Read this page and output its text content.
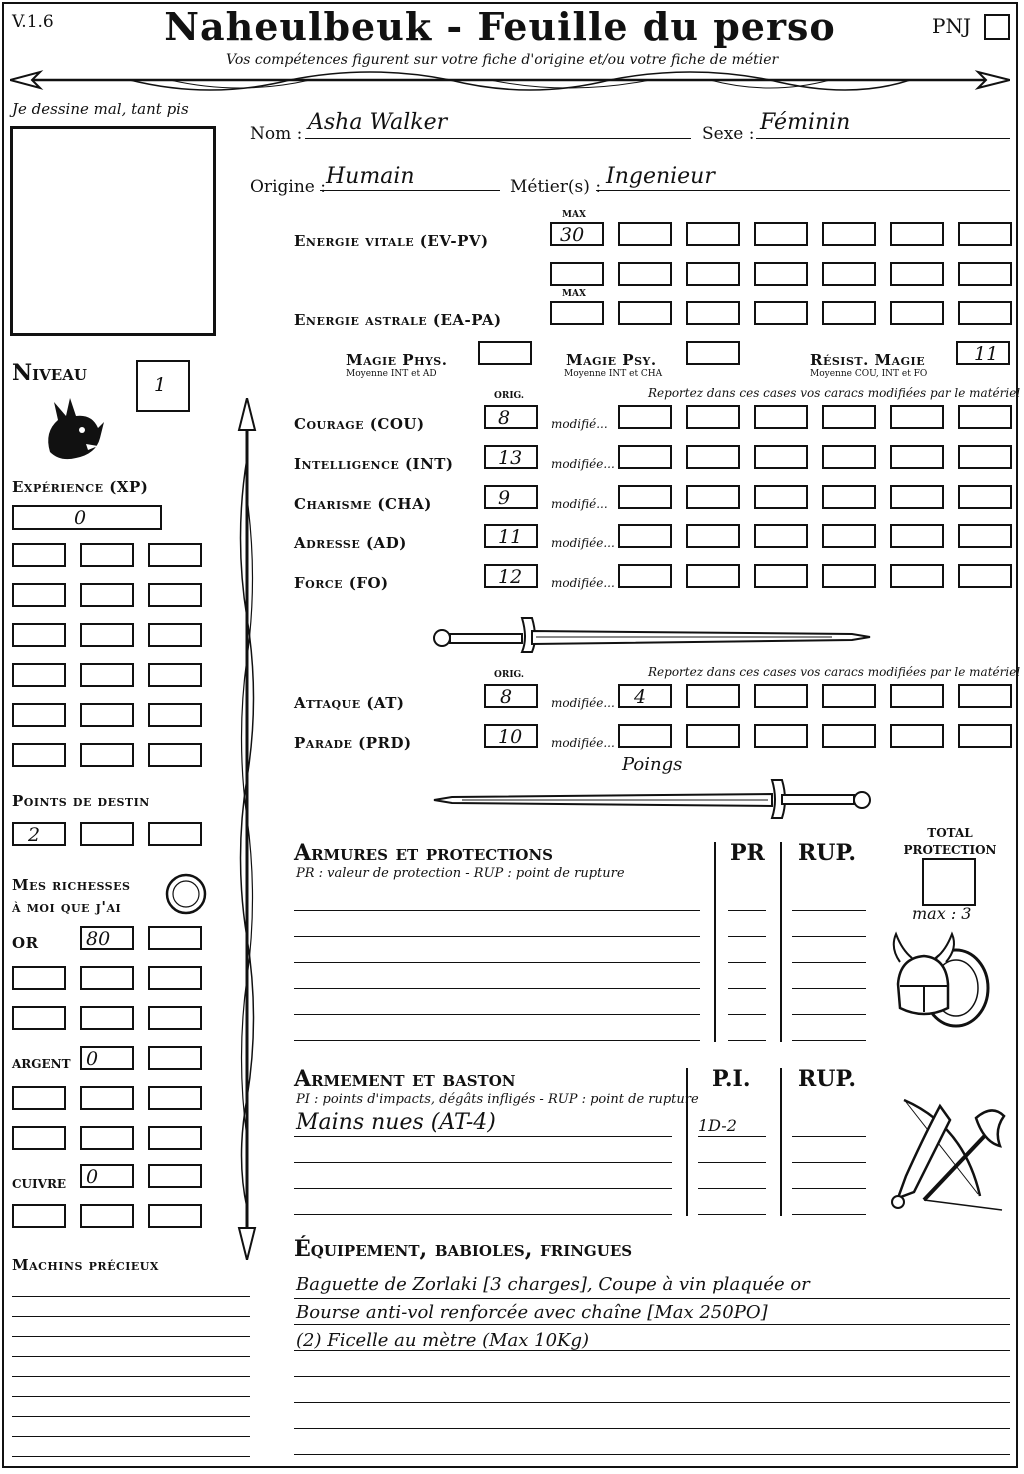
V.1.6	Naheulbeuk - Feuille du perso
Vos compétences figurent sur votre fiche d'origine et/ou votre fiche de métier
PNJ
Je dessine mal, tant pis
Nom : Asha Walker	Sexe : Féminin
Origine : Humain	Métier(s) : Ingenieur
Niveau	1
Expérience (XP)
0
Points de destin
2
Mes richesses
à moi que j'ai
OR 80
ARGENT 0
CUIVRE 0
Machins précieux
MAX
Energie vitale (EV-PV)	30
MAX
Energie astrale (EA-PA)
Magie Phys.
Moyenne INT et AD
Magie Psy.
Moyenne INT et CHA
Résist. Magie
Moyenne COU, INT et FO
11
ORIG.	Reportez dans ces cases vos caracs modifiées par le matériel
ORIG.	Reportez dans ces cases vos caracs modifiées par le matériel
Attaque (AT)	8	modifiée... 4
Parade (PRD)	10 modifiée...
Poings
Armures et protections
PR : valeur de protection - RUP : point de rupture
PR RUP.
TOTAL
PROTECTION
max : 3
Armement et baston
PI : points d'impacts, dégâts infligés - RUP : point de rupture
P.I. RUP.
Mains nues (AT-4)	1D-2
Équipement, babioles, fringues
Baguette de Zorlaki [3 charges], Coupe à vin plaquée or
Bourse anti-vol renforcée avec chaîne [Max 250PO]
(2) Ficelle au mètre (Max 10Kg)
Courage (COU)	8	modifié...
Intelligence (INT) 13 modifiée...
Charisme (CHA)	9	modifié...
Adresse (AD)	11 modifiée...
Force (FO)	12 modifiée...
